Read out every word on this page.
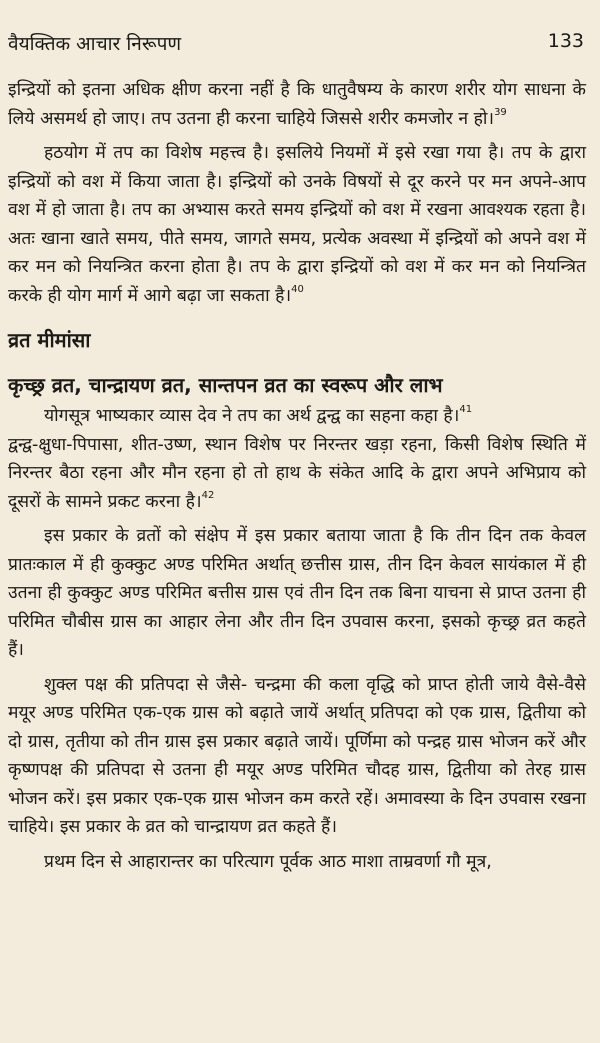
वैयक्तिक आचार निरूपण	133

इन्द्रियों को इतना अधिक क्षीण करना नहीं है कि धातुवैषम्य के कारण शरीर योग साधना के लिये असमर्थ हो जाए। तप उतना ही करना चाहिये जिससे शरीर कमजोर न हो।$^{39}$

हठयोग में तप का विशेष महत्त्व है। इसलिये नियमों में इसे रखा गया है। तप के द्वारा इन्द्रियों को वश में किया जाता है। इन्द्रियों को उनके विषयों से दूर करने पर मन अपने-आप वश में हो जाता है। तप का अभ्यास करते समय इन्द्रियों को वश में रखना आवश्यक रहता है। अतः खाना खाते समय, पीते समय, जागते समय, प्रत्येक अवस्था में इन्द्रियों को अपने वश में कर मन को नियन्त्रित करना होता है। तप के द्वारा इन्द्रियों को वश में कर मन को नियन्त्रित करके ही योग मार्ग में आगे बढ़ा जा सकता है।$^{40}$

व्रत मीमांसा
कृच्छ्र व्रत, चान्द्रायण व्रत, सान्तपन व्रत का स्वरूप और लाभ

योगसूत्र भाष्यकार व्यास देव ने तप का अर्थ द्वन्द्व का सहना कहा है।$^{41}$

द्वन्द्व-क्षुधा-पिपासा, शीत-उष्ण, स्थान विशेष पर निरन्तर खड़ा रहना, किसी विशेष स्थिति में निरन्तर बैठा रहना और मौन रहना हो तो हाथ के संकेत आदि के द्वारा अपने अभिप्राय को दूसरों के सामने प्रकट करना है।$^{42}$

इस प्रकार के व्रतों को संक्षेप में इस प्रकार बताया जाता है कि तीन दिन तक केवल प्रातःकाल में ही कुक्कुट अण्ड परिमित अर्थात् छत्तीस ग्रास, तीन दिन केवल सायंकाल में ही उतना ही कुक्कुट अण्ड परिमित बत्तीस ग्रास एवं तीन दिन तक बिना याचना से प्राप्त उतना ही परिमित चौबीस ग्रास का आहार लेना और तीन दिन उपवास करना, इसको कृच्छ्र व्रत कहते हैं।

शुक्ल पक्ष की प्रतिपदा से जैसे- चन्द्रमा की कला वृद्धि को प्राप्त होती जाये वैसे-वैसे मयूर अण्ड परिमित एक-एक ग्रास को बढ़ाते जायें अर्थात् प्रतिपदा को एक ग्रास, द्वितीया को दो ग्रास, तृतीया को तीन ग्रास इस प्रकार बढ़ाते जायें। पूर्णिमा को पन्द्रह ग्रास भोजन करें और कृष्णपक्ष की प्रतिपदा से उतना ही मयूर अण्ड परिमित चौदह ग्रास, द्वितीया को तेरह ग्रास भोजन करें। इस प्रकार एक-एक ग्रास भोजन कम करते रहें। अमावस्या के दिन उपवास रखना चाहिये। इस प्रकार के व्रत को चान्द्रायण व्रत कहते हैं।

प्रथम दिन से आहारान्तर का परित्याग पूर्वक आठ माशा ताम्रवर्णा गौ मूत्र,
